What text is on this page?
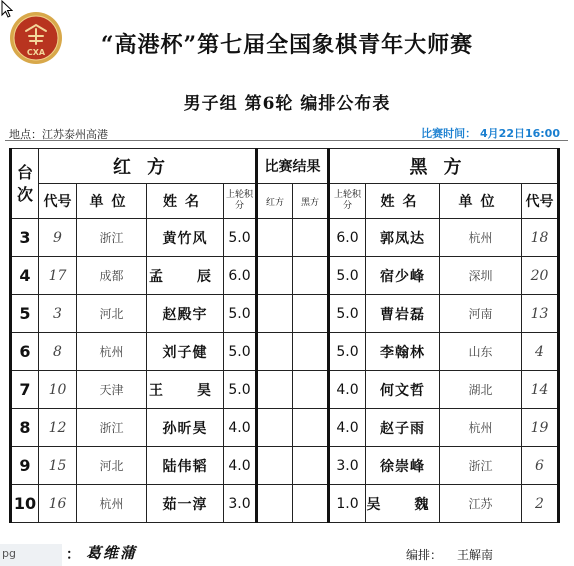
CXA	“高港杯”第七届全国象棋青年大师赛
男子组 第6轮 编排公布表
地点：江苏泰州高港	比赛时间： 4月22日16:00
台次	红方				比赛结果		黑方			
	代号	单位	姓名	上轮积分	红方	黑方	上轮积分	姓名	单位	代号
3	9	浙江	黄竹风	5.0			6.0	郭凤达	杭州	18
4	17	成都	孟　辰	6.0			5.0	宿少峰	深圳	20
5	3	河北	赵殿宇	5.0			5.0	曹岩磊	河南	13
6	8	杭州	刘子健	5.0			5.0	李翰林	山东	4
7	10	天津	王　昊	5.0			4.0	何文哲	湖北	14
8	12	浙江	孙昕昊	4.0			4.0	赵子雨	杭州	19
9	15	河北	陆伟韬	4.0			3.0	徐崇峰	浙江	6
10	16	杭州	茹一淳	3.0			1.0	吴　魏	江苏	2
pg	： 葛维蒲	编排： 王解南
